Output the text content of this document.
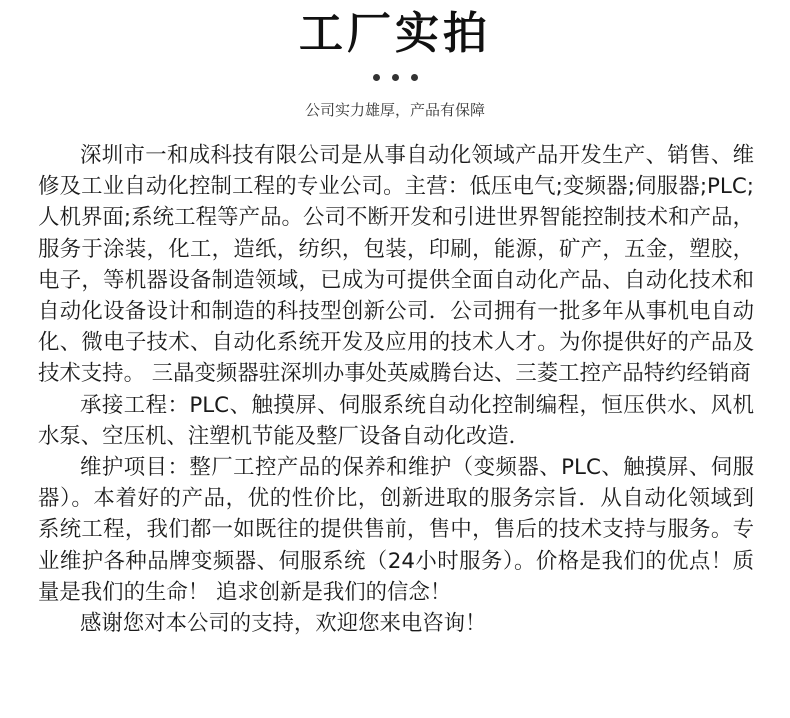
工厂实拍
公司实力雄厚，产品有保障

深圳市一和成科技有限公司是从事自动化领域产品开发生产、销售、维修及工业自动化控制工程的专业公司。主营：低压电气;变频器;伺服器;PLC;人机界面;系统工程等产品。公司不断开发和引进世界智能控制技术和产品，服务于涂装，化工，造纸，纺织，包装，印刷，能源，矿产，五金，塑胶，电子，等机器设备制造领域，已成为可提供全面自动化产品、自动化技术和自动化设备设计和制造的科技型创新公司．公司拥有一批多年从事机电自动化、微电子技术、自动化系统开发及应用的技术人才。为你提供好的产品及技术支持。 三晶变频器驻深圳办事处英威腾台达、三菱工控产品特约经销商

承接工程：PLC、触摸屏、伺服系统自动化控制编程，恒压供水、风机水泵、空压机、注塑机节能及整厂设备自动化改造．

维护项目：整厂工控产品的保养和维护（变频器、PLC、触摸屏、伺服器）。本着好的产品，优的性价比，创新进取的服务宗旨．从自动化领域到系统工程，我们都一如既往的提供售前，售中，售后的技术支持与服务。专业维护各种品牌变频器、伺服系统（24小时服务）。价格是我们的优点！质量是我们的生命！ 追求创新是我们的信念！

感谢您对本公司的支持，欢迎您来电咨询！
